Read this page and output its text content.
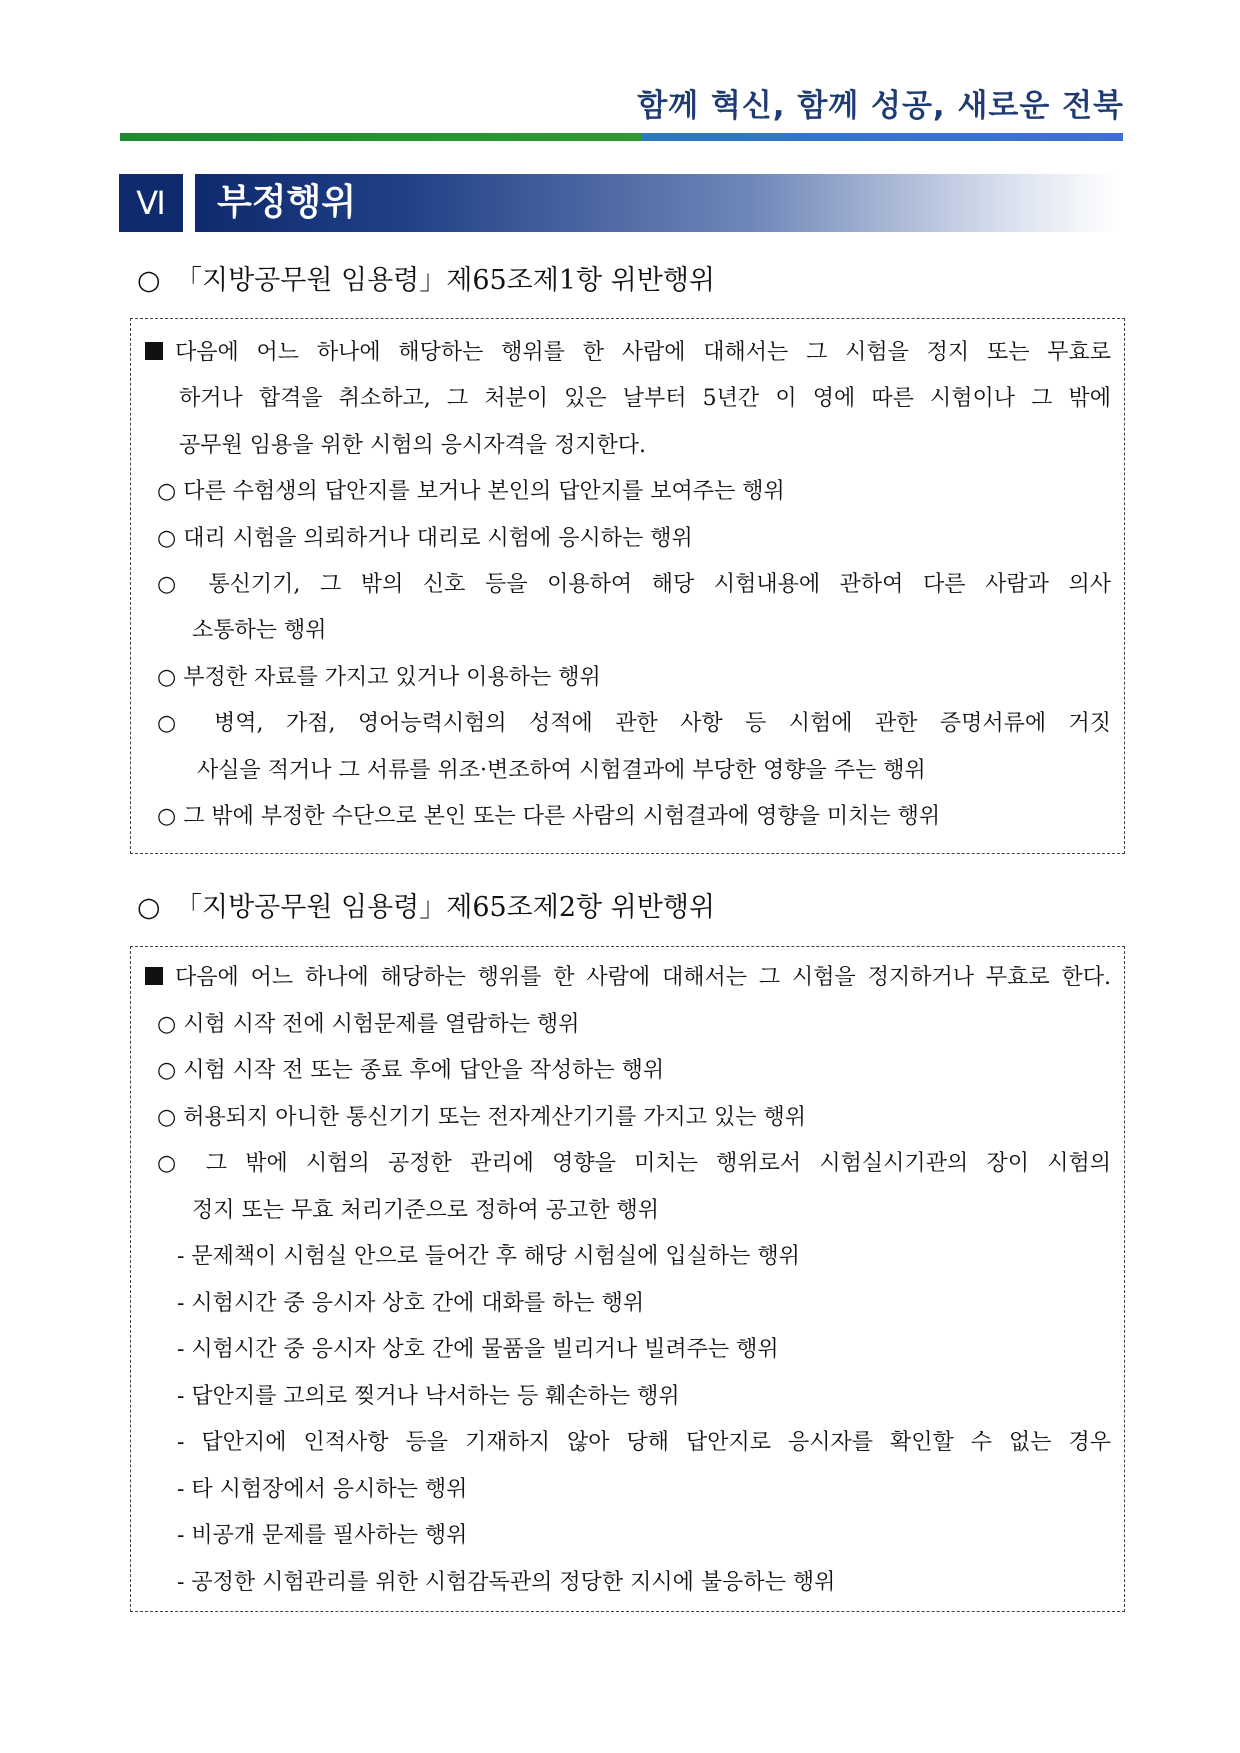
함께 혁신, 함께 성공, 새로운 전북
Ⅵ	부정행위
○ 「지방공무원 임용령」제65조제1항 위반행위
다음에 어느 하나에 해당하는 행위를 한 사람에 대해서는 그 시험을 정지 또는 무효로
하거나 합격을 취소하고, 그 처분이 있은 날부터 5년간 이 영에 따른 시험이나 그 밖에
공무원 임용을 위한 시험의 응시자격을 정지한다.
○ 다른 수험생의 답안지를 보거나 본인의 답안지를 보여주는 행위
○ 대리 시험을 의뢰하거나 대리로 시험에 응시하는 행위
○ 통신기기, 그 밖의 신호 등을 이용하여 해당 시험내용에 관하여 다른 사람과 의사
소통하는 행위
○ 부정한 자료를 가지고 있거나 이용하는 행위
○ 병역, 가점, 영어능력시험의 성적에 관한 사항 등 시험에 관한 증명서류에 거짓
사실을 적거나 그 서류를 위조·변조하여 시험결과에 부당한 영향을 주는 행위
○ 그 밖에 부정한 수단으로 본인 또는 다른 사람의 시험결과에 영향을 미치는 행위
○ 「지방공무원 임용령」제65조제2항 위반행위
다음에 어느 하나에 해당하는 행위를 한 사람에 대해서는 그 시험을 정지하거나 무효로 한다.
○ 시험 시작 전에 시험문제를 열람하는 행위
○ 시험 시작 전 또는 종료 후에 답안을 작성하는 행위
○ 허용되지 아니한 통신기기 또는 전자계산기기를 가지고 있는 행위
○ 그 밖에 시험의 공정한 관리에 영향을 미치는 행위로서 시험실시기관의 장이 시험의
정지 또는 무효 처리기준으로 정하여 공고한 행위
- 문제책이 시험실 안으로 들어간 후 해당 시험실에 입실하는 행위
- 시험시간 중 응시자 상호 간에 대화를 하는 행위
- 시험시간 중 응시자 상호 간에 물품을 빌리거나 빌려주는 행위
- 답안지를 고의로 찢거나 낙서하는 등 훼손하는 행위
- 답안지에 인적사항 등을 기재하지 않아 당해 답안지로 응시자를 확인할 수 없는 경우
- 타 시험장에서 응시하는 행위
- 비공개 문제를 필사하는 행위
- 공정한 시험관리를 위한 시험감독관의 정당한 지시에 불응하는 행위
